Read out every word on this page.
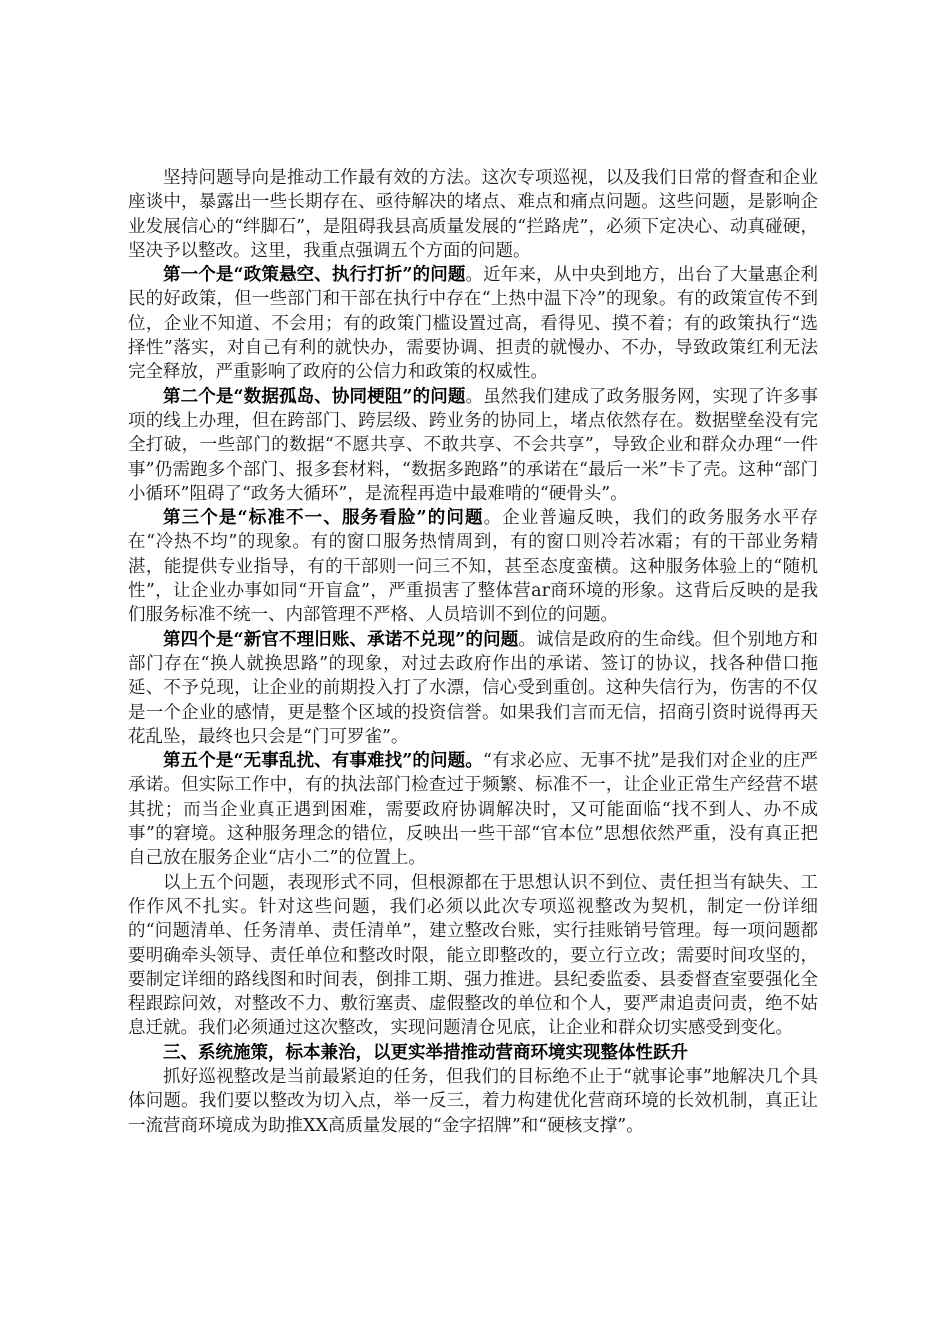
坚持问题导向是推动工作最有效的方法。这次专项巡视，以及我们日常的督查和企业座谈中，暴露出一些长期存在、亟待解决的堵点、难点和痛点问题。这些问题，是影响企业发展信心的“绊脚石”，是阻碍我县高质量发展的“拦路虎”，必须下定决心、动真碰硬，坚决予以整改。这里，我重点强调五个方面的问题。

第一个是“政策悬空、执行打折”的问题。近年来，从中央到地方，出台了大量惠企利民的好政策，但一些部门和干部在执行中存在“上热中温下冷”的现象。有的政策宣传不到位，企业不知道、不会用；有的政策门槛设置过高，看得见、摸不着；有的政策执行“选择性”落实，对自己有利的就快办，需要协调、担责的就慢办、不办，导致政策红利无法完全释放，严重影响了政府的公信力和政策的权威性。

第二个是“数据孤岛、协同梗阻”的问题。虽然我们建成了政务服务网，实现了许多事项的线上办理，但在跨部门、跨层级、跨业务的协同上，堵点依然存在。数据壁垒没有完全打破，一些部门的数据“不愿共享、不敢共享、不会共享”，导致企业和群众办理“一件事”仍需跑多个部门、报多套材料，“数据多跑路”的承诺在“最后一米”卡了壳。这种“部门小循环”阻碍了“政务大循环”，是流程再造中最难啃的“硬骨头”。

第三个是“标准不一、服务看脸”的问题。企业普遍反映，我们的政务服务水平存在“冷热不均”的现象。有的窗口服务热情周到，有的窗口则冷若冰霜；有的干部业务精湛，能提供专业指导，有的干部则一问三不知，甚至态度蛮横。这种服务体验上的“随机性”，让企业办事如同“开盲盒”，严重损害了整体营ar商环境的形象。这背后反映的是我们服务标准不统一、内部管理不严格、人员培训不到位的问题。

第四个是“新官不理旧账、承诺不兑现”的问题。诚信是政府的生命线。但个别地方和部门存在“换人就换思路”的现象，对过去政府作出的承诺、签订的协议，找各种借口拖延、不予兑现，让企业的前期投入打了水漂，信心受到重创。这种失信行为，伤害的不仅是一个企业的感情，更是整个区域的投资信誉。如果我们言而无信，招商引资时说得再天花乱坠，最终也只会是“门可罗雀”。

第五个是“无事乱扰、有事难找”的问题。“有求必应、无事不扰”是我们对企业的庄严承诺。但实际工作中，有的执法部门检查过于频繁、标准不一，让企业正常生产经营不堪其扰；而当企业真正遇到困难，需要政府协调解决时，又可能面临“找不到人、办不成事”的窘境。这种服务理念的错位，反映出一些干部“官本位”思想依然严重，没有真正把自己放在服务企业“店小二”的位置上。

以上五个问题，表现形式不同，但根源都在于思想认识不到位、责任担当有缺失、工作作风不扎实。针对这些问题，我们必须以此次专项巡视整改为契机，制定一份详细的“问题清单、任务清单、责任清单”，建立整改台账，实行挂账销号管理。每一项问题都要明确牵头领导、责任单位和整改时限，能立即整改的，要立行立改；需要时间攻坚的，要制定详细的路线图和时间表，倒排工期、强力推进。县纪委监委、县委督查室要强化全程跟踪问效，对整改不力、敷衍塞责、虚假整改的单位和个人，要严肃追责问责，绝不姑息迁就。我们必须通过这次整改，实现问题清仓见底，让企业和群众切实感受到变化。

三、系统施策，标本兼治，以更实举措推动营商环境实现整体性跃升

抓好巡视整改是当前最紧迫的任务，但我们的目标绝不止于“就事论事”地解决几个具体问题。我们要以整改为切入点，举一反三，着力构建优化营商环境的长效机制，真正让一流营商环境成为助推XX高质量发展的“金字招牌”和“硬核支撑”。
